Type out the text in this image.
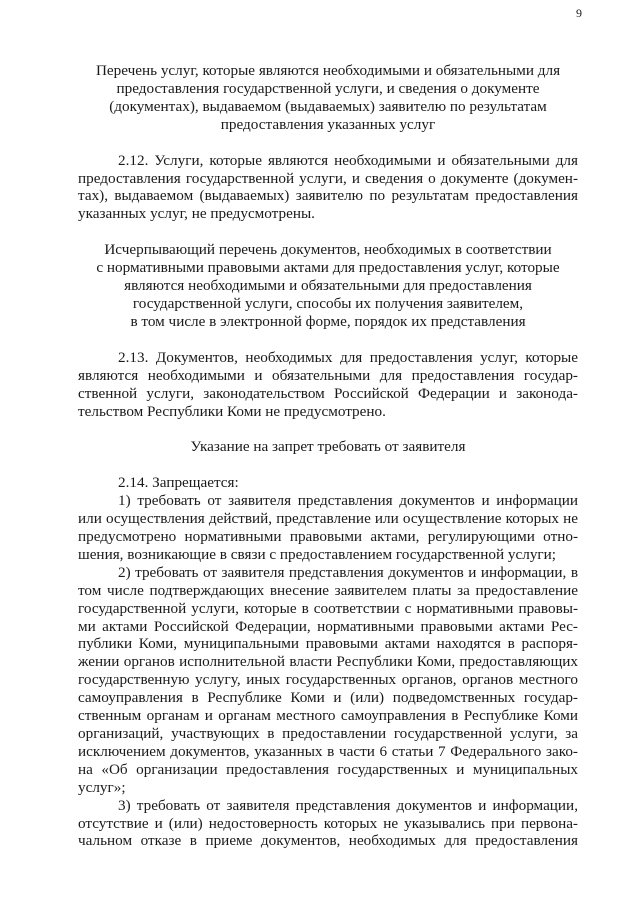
9

Перечень услуг, которые являются необходимыми и обязательными для
предоставления государственной услуги, и сведения о документе
(документах), выдаваемом (выдаваемых) заявителю по результатам
предоставления указанных услуг

2.12. Услуги, которые являются необходимыми и обязательными для
предоставления государственной услуги, и сведения о документе (докумен-
тах), выдаваемом (выдаваемых) заявителю по результатам предоставления
указанных услуг, не предусмотрены.

Исчерпывающий перечень документов, необходимых в соответствии
с нормативными правовыми актами для предоставления услуг, которые
являются необходимыми и обязательными для предоставления
государственной услуги, способы их получения заявителем,
в том числе в электронной форме, порядок их представления

2.13. Документов, необходимых для предоставления услуг, которые
являются необходимыми и обязательными для предоставления государ-
ственной услуги, законодательством Российской Федерации и законода-
тельством Республики Коми не предусмотрено.

Указание на запрет требовать от заявителя

2.14. Запрещается:

1) требовать от заявителя представления документов и информации
или осуществления действий, представление или осуществление которых не
предусмотрено нормативными правовыми актами, регулирующими отно-
шения, возникающие в связи с предоставлением государственной услуги;

2) требовать от заявителя представления документов и информации, в
том числе подтверждающих внесение заявителем платы за предоставление
государственной услуги, которые в соответствии с нормативными правовы-
ми актами Российской Федерации, нормативными правовыми актами Рес-
публики Коми, муниципальными правовыми актами находятся в распоря-
жении органов исполнительной власти Республики Коми, предоставляющих
государственную услугу, иных государственных органов, органов местного
самоуправления в Республике Коми и (или) подведомственных государ-
ственным органам и органам местного самоуправления в Республике Коми
организаций, участвующих в предоставлении государственной услуги, за
исключением документов, указанных в части 6 статьи 7 Федерального зако-
на «Об организации предоставления государственных и муниципальных
услуг»;

3) требовать от заявителя представления документов и информации,
отсутствие и (или) недостоверность которых не указывались при первона-
чальном отказе в приеме документов, необходимых для предоставления
